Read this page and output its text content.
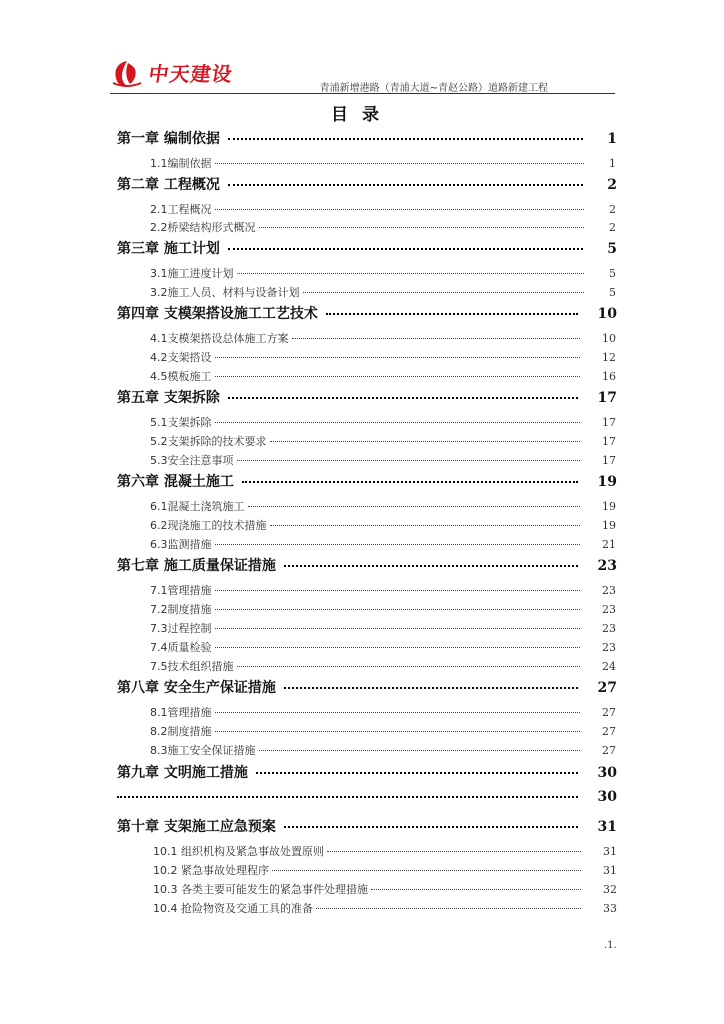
中天建设
青浦新增港路（青浦大道~青赵公路）道路新建工程
目录
第一章 编制依据	1
1.1编制依据	1
第二章 工程概况	2
2.1工程概况	2
2.2桥梁结构形式概况	2
第三章 施工计划	5
3.1施工进度计划	5
3.2施工人员、材料与设备计划	5
第四章 支模架搭设施工工艺技术	10
4.1支模架搭设总体施工方案	10
4.2支架搭设	12
4.5模板施工	16
第五章 支架拆除	17
5.1支架拆除	17
5.2支架拆除的技术要求	17
5.3安全注意事项	17
第六章 混凝土施工	19
6.1混凝土浇筑施工	19
6.2现浇施工的技术措施	19
6.3监测措施	21
第七章 施工质量保证措施	23
7.1管理措施	23
7.2制度措施	23
7.3过程控制	23
7.4质量检验	23
7.5技术组织措施	24
第八章 安全生产保证措施	27
8.1管理措施	27
8.2制度措施	27
8.3施工安全保证措施	27
第九章 文明施工措施	30
30
第十章 支架施工应急预案	31
10.1 组织机构及紧急事故处置原则	31
10.2 紧急事故处理程序	31
10.3 各类主要可能发生的紧急事件处理措施	32
10.4 抢险物资及交通工具的准备	33
.1.
